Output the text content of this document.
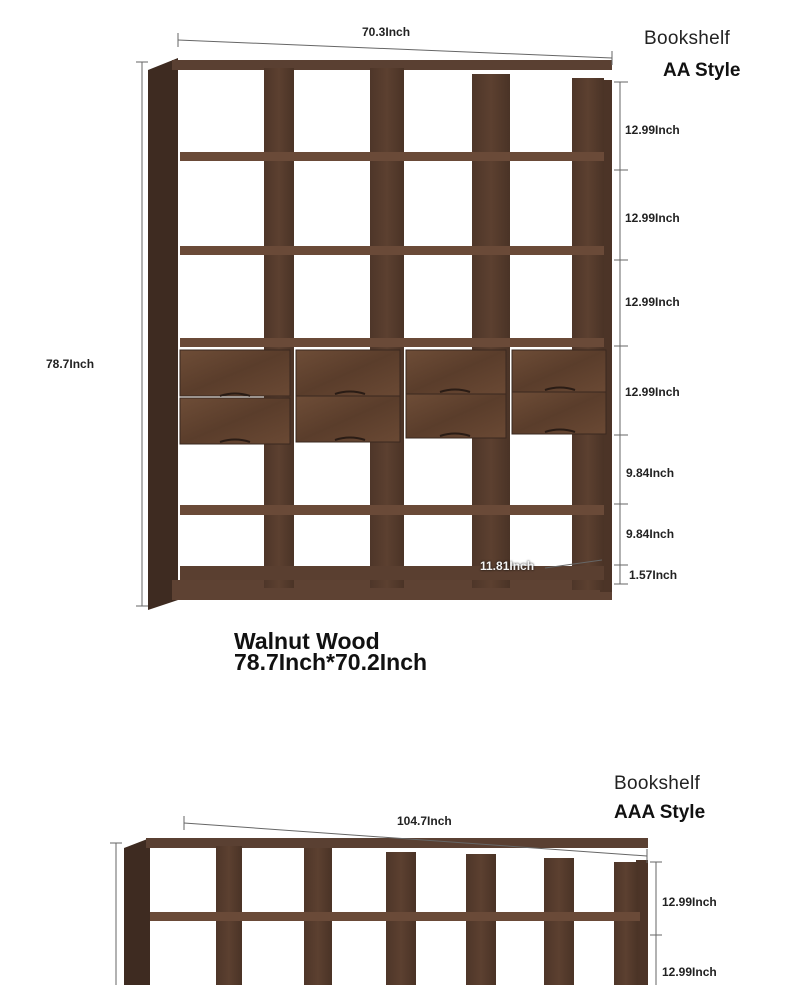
Bookshelf
AA Style
70.3Inch
78.7Inch
12.99Inch
12.99Inch
12.99Inch
12.99Inch
9.84Inch
9.84Inch
1.57Inch
11.81Inch
Walnut Wood
78.7Inch*70.2Inch
Bookshelf
AAA Style
104.7Inch
12.99Inch
12.99Inch
